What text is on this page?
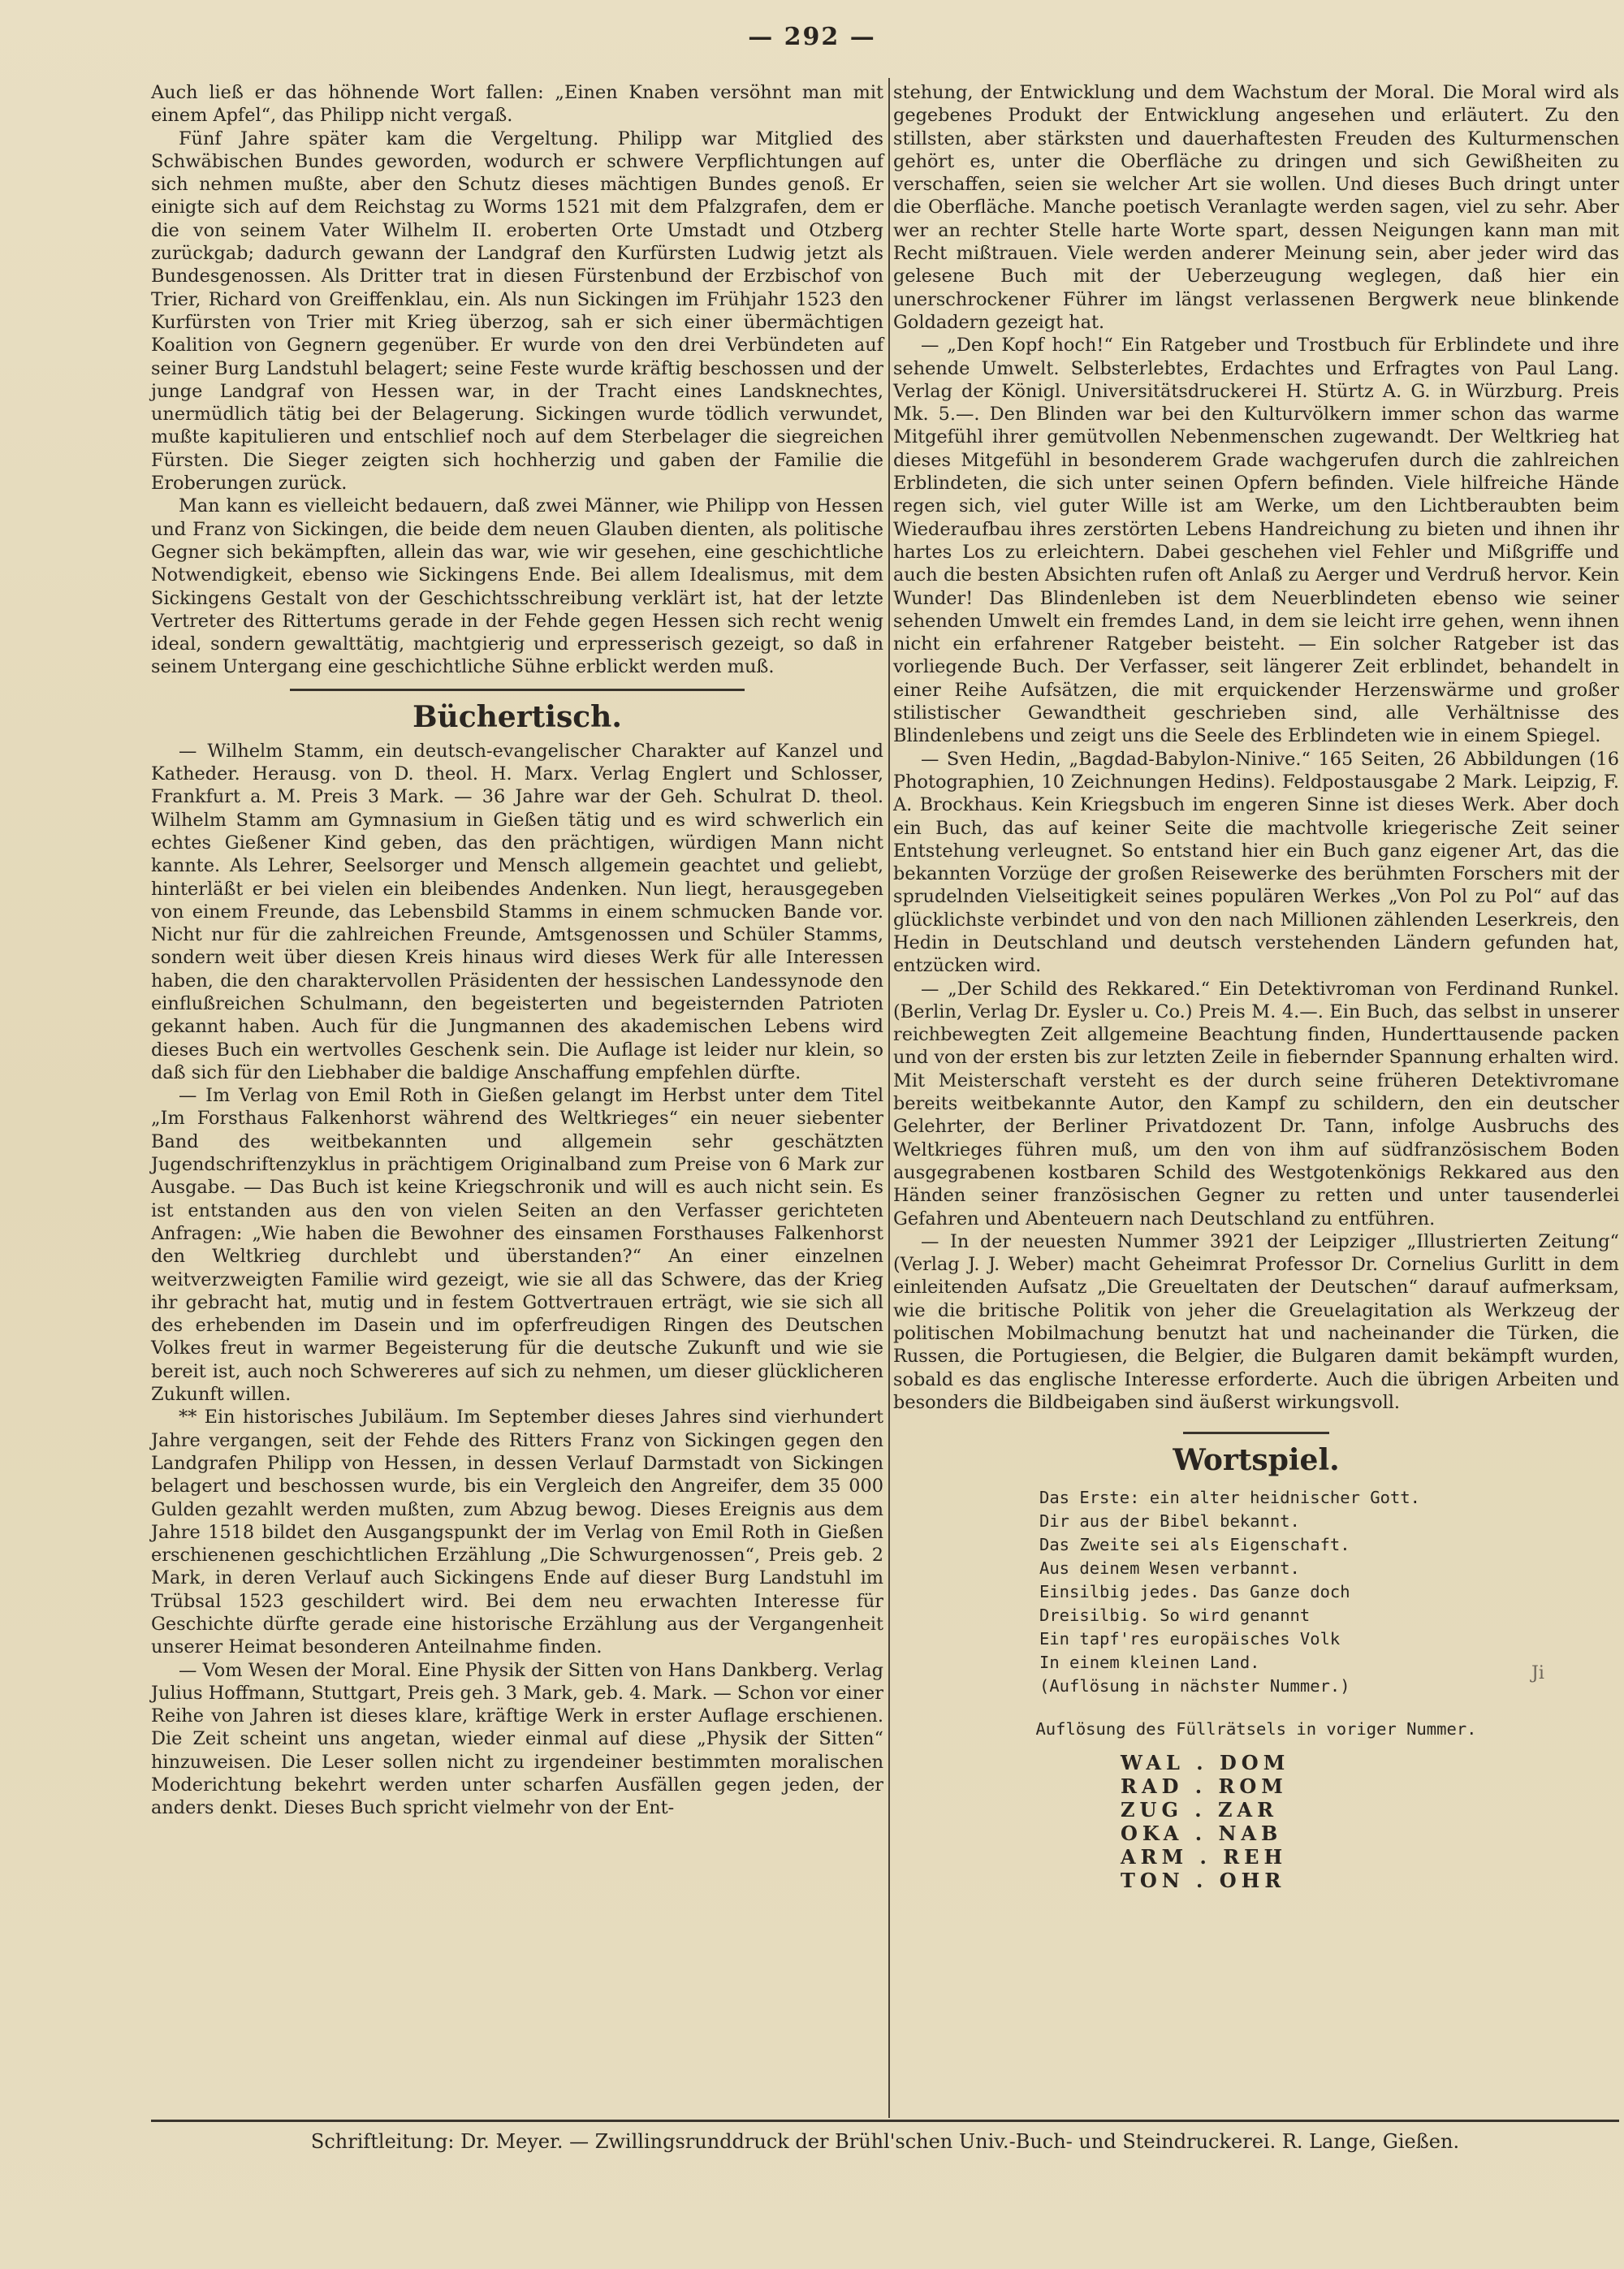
— 292 —

Auch ließ er das höhnende Wort fallen: „Einen Knaben versöhnt man mit einem Apfel“, das Philipp nicht vergaß.

Fünf Jahre später kam die Vergeltung. Philipp war Mitglied des Schwäbischen Bundes geworden, wodurch er schwere Verpflichtungen auf sich nehmen mußte, aber den Schutz dieses mächtigen Bundes genoß. Er einigte sich auf dem Reichstag zu Worms 1521 mit dem Pfalzgrafen, dem er die von seinem Vater Wilhelm II. eroberten Orte Umstadt und Otzberg zurückgab; dadurch gewann der Landgraf den Kurfürsten Ludwig jetzt als Bundesgenossen. Als Dritter trat in diesen Fürstenbund der Erzbischof von Trier, Richard von Greiffenklau, ein. Als nun Sickingen im Frühjahr 1523 den Kurfürsten von Trier mit Krieg überzog, sah er sich einer übermächtigen Koalition von Gegnern gegenüber. Er wurde von den drei Verbündeten auf seiner Burg Landstuhl belagert; seine Feste wurde kräftig beschossen und der junge Landgraf von Hessen war, in der Tracht eines Landsknechtes, unermüdlich tätig bei der Belagerung. Sickingen wurde tödlich verwundet, mußte kapitulieren und entschlief noch auf dem Sterbelager die siegreichen Fürsten. Die Sieger zeigten sich hochherzig und gaben der Familie die Eroberungen zurück.

Man kann es vielleicht bedauern, daß zwei Männer, wie Philipp von Hessen und Franz von Sickingen, die beide dem neuen Glauben dienten, als politische Gegner sich bekämpften, allein das war, wie wir gesehen, eine geschichtliche Notwendigkeit, ebenso wie Sickingens Ende. Bei allem Idealismus, mit dem Sickingens Gestalt von der Geschichtsschreibung verklärt ist, hat der letzte Vertreter des Rittertums gerade in der Fehde gegen Hessen sich recht wenig ideal, sondern gewalttätig, machtgierig und erpresserisch gezeigt, so daß in seinem Untergang eine geschichtliche Sühne erblickt werden muß.

Büchertisch.

— Wilhelm Stamm, ein deutsch-evangelischer Charakter auf Kanzel und Katheder. Herausg. von D. theol. H. Marx. Verlag Englert und Schlosser, Frankfurt a. M. Preis 3 Mark. — 36 Jahre war der Geh. Schulrat D. theol. Wilhelm Stamm am Gymnasium in Gießen tätig und es wird schwerlich ein echtes Gießener Kind geben, das den prächtigen, würdigen Mann nicht kannte. Als Lehrer, Seelsorger und Mensch allgemein geachtet und geliebt, hinterläßt er bei vielen ein bleibendes Andenken. Nun liegt, herausgegeben von einem Freunde, das Lebensbild Stamms in einem schmucken Bande vor. Nicht nur für die zahlreichen Freunde, Amtsgenossen und Schüler Stamms, sondern weit über diesen Kreis hinaus wird dieses Werk für alle Interessen haben, die den charaktervollen Präsidenten der hessischen Landessynode den einflußreichen Schulmann, den begeisterten und begeisternden Patrioten gekannt haben. Auch für die Jungmannen des akademischen Lebens wird dieses Buch ein wertvolles Geschenk sein. Die Auflage ist leider nur klein, so daß sich für den Liebhaber die baldige Anschaffung empfehlen dürfte.

— Im Verlag von Emil Roth in Gießen gelangt im Herbst unter dem Titel „Im Forsthaus Falkenhorst während des Weltkrieges“ ein neuer siebenter Band des weitbekannten und allgemein sehr geschätzten Jugendschriftenzyklus in prächtigem Originalband zum Preise von 6 Mark zur Ausgabe. — Das Buch ist keine Kriegschronik und will es auch nicht sein. Es ist entstanden aus den von vielen Seiten an den Verfasser gerichteten Anfragen: „Wie haben die Bewohner des einsamen Forsthauses Falkenhorst den Weltkrieg durchlebt und überstanden?“ An einer einzelnen weitverzweigten Familie wird gezeigt, wie sie all das Schwere, das der Krieg ihr gebracht hat, mutig und in festem Gottvertrauen erträgt, wie sie sich all des erhebenden im Dasein und im opferfreudigen Ringen des Deutschen Volkes freut in warmer Begeisterung für die deutsche Zukunft und wie sie bereit ist, auch noch Schwereres auf sich zu nehmen, um dieser glücklicheren Zukunft willen.

** Ein historisches Jubiläum. Im September dieses Jahres sind vierhundert Jahre vergangen, seit der Fehde des Ritters Franz von Sickingen gegen den Landgrafen Philipp von Hessen, in dessen Verlauf Darmstadt von Sickingen belagert und beschossen wurde, bis ein Vergleich den Angreifer, dem 35 000 Gulden gezahlt werden mußten, zum Abzug bewog. Dieses Ereignis aus dem Jahre 1518 bildet den Ausgangspunkt der im Verlag von Emil Roth in Gießen erschienenen geschichtlichen Erzählung „Die Schwurgenossen“, Preis geb. 2 Mark, in deren Verlauf auch Sickingens Ende auf dieser Burg Landstuhl im Trübsal 1523 geschildert wird. Bei dem neu erwachten Interesse für Geschichte dürfte gerade eine historische Erzählung aus der Vergangenheit unserer Heimat besonderen Anteilnahme finden.

— Vom Wesen der Moral. Eine Physik der Sitten von Hans Dankberg. Verlag Julius Hoffmann, Stuttgart, Preis geh. 3 Mark, geb. 4. Mark. — Schon vor einer Reihe von Jahren ist dieses klare, kräftige Werk in erster Auflage erschienen. Die Zeit scheint uns angetan, wieder einmal auf diese „Physik der Sitten“ hinzuweisen. Die Leser sollen nicht zu irgendeiner bestimmten moralischen Moderichtung bekehrt werden unter scharfen Ausfällen gegen jeden, der anders denkt. Dieses Buch spricht vielmehr von der Ent-

stehung, der Entwicklung und dem Wachstum der Moral. Die Moral wird als gegebenes Produkt der Entwicklung angesehen und erläutert. Zu den stillsten, aber stärksten und dauerhaftesten Freuden des Kulturmenschen gehört es, unter die Oberfläche zu dringen und sich Gewißheiten zu verschaffen, seien sie welcher Art sie wollen. Und dieses Buch dringt unter die Oberfläche. Manche poetisch Veranlagte werden sagen, viel zu sehr. Aber wer an rechter Stelle harte Worte spart, dessen Neigungen kann man mit Recht mißtrauen. Viele werden anderer Meinung sein, aber jeder wird das gelesene Buch mit der Ueberzeugung weglegen, daß hier ein unerschrockener Führer im längst verlassenen Bergwerk neue blinkende Goldadern gezeigt hat.

— „Den Kopf hoch!“ Ein Ratgeber und Trostbuch für Erblindete und ihre sehende Umwelt. Selbsterlebtes, Erdachtes und Erfragtes von Paul Lang. Verlag der Königl. Universitätsdruckerei H. Stürtz A. G. in Würzburg. Preis Mk. 5.—. Den Blinden war bei den Kulturvölkern immer schon das warme Mitgefühl ihrer gemütvollen Nebenmenschen zugewandt. Der Weltkrieg hat dieses Mitgefühl in besonderem Grade wachgerufen durch die zahlreichen Erblindeten, die sich unter seinen Opfern befinden. Viele hilfreiche Hände regen sich, viel guter Wille ist am Werke, um den Lichtberaubten beim Wiederaufbau ihres zerstörten Lebens Handreichung zu bieten und ihnen ihr hartes Los zu erleichtern. Dabei geschehen viel Fehler und Mißgriffe und auch die besten Absichten rufen oft Anlaß zu Aerger und Verdruß hervor. Kein Wunder! Das Blindenleben ist dem Neuerblindeten ebenso wie seiner sehenden Umwelt ein fremdes Land, in dem sie leicht irre gehen, wenn ihnen nicht ein erfahrener Ratgeber beisteht. — Ein solcher Ratgeber ist das vorliegende Buch. Der Verfasser, seit längerer Zeit erblindet, behandelt in einer Reihe Aufsätzen, die mit erquickender Herzenswärme und großer stilistischer Gewandtheit geschrieben sind, alle Verhältnisse des Blindenlebens und zeigt uns die Seele des Erblindeten wie in einem Spiegel.

— Sven Hedin, „Bagdad-Babylon-Ninive.“ 165 Seiten, 26 Abbildungen (16 Photographien, 10 Zeichnungen Hedins). Feldpostausgabe 2 Mark. Leipzig, F. A. Brockhaus. Kein Kriegsbuch im engeren Sinne ist dieses Werk. Aber doch ein Buch, das auf keiner Seite die machtvolle kriegerische Zeit seiner Entstehung verleugnet. So entstand hier ein Buch ganz eigener Art, das die bekannten Vorzüge der großen Reisewerke des berühmten Forschers mit der sprudelnden Vielseitigkeit seines populären Werkes „Von Pol zu Pol“ auf das glücklichste verbindet und von den nach Millionen zählenden Leserkreis, den Hedin in Deutschland und deutsch verstehenden Ländern gefunden hat, entzücken wird.

— „Der Schild des Rekkared.“ Ein Detektivroman von Ferdinand Runkel. (Berlin, Verlag Dr. Eysler u. Co.) Preis M. 4.—. Ein Buch, das selbst in unserer reichbewegten Zeit allgemeine Beachtung finden, Hunderttausende packen und von der ersten bis zur letzten Zeile in fiebernder Spannung erhalten wird. Mit Meisterschaft versteht es der durch seine früheren Detektivromane bereits weitbekannte Autor, den Kampf zu schildern, den ein deutscher Gelehrter, der Berliner Privatdozent Dr. Tann, infolge Ausbruchs des Weltkrieges führen muß, um den von ihm auf südfranzösischem Boden ausgegrabenen kostbaren Schild des Westgotenkönigs Rekkared aus den Händen seiner französischen Gegner zu retten und unter tausenderlei Gefahren und Abenteuern nach Deutschland zu entführen.

— In der neuesten Nummer 3921 der Leipziger „Illustrierten Zeitung“ (Verlag J. J. Weber) macht Geheimrat Professor Dr. Cornelius Gurlitt in dem einleitenden Aufsatz „Die Greueltaten der Deutschen“ darauf aufmerksam, wie die britische Politik von jeher die Greuelagitation als Werkzeug der politischen Mobilmachung benutzt hat und nacheinander die Türken, die Russen, die Portugiesen, die Belgier, die Bulgaren damit bekämpft wurden, sobald es das englische Interesse erforderte. Auch die übrigen Arbeiten und besonders die Bildbeigaben sind äußerst wirkungsvoll.

Wortspiel.
Das Erste: ein alter heidnischer Gott.
Dir aus der Bibel bekannt.
Das Zweite sei als Eigenschaft.
Aus deinem Wesen verbannt.
Einsilbig jedes. Das Ganze doch
Dreisilbig. So wird genannt
Ein tapf'res europäisches Volk
In einem kleinen Land.
(Auflösung in nächster Nummer.)
Auflösung des Füllrätsels in voriger Nummer.
WAL . DOM
RAD . ROM
ZUG . ZAR
OKA . NAB
ARM . REH
TON . OHR
Ji
Schriftleitung: Dr. Meyer. — Zwillingsrunddruck der Brühl'schen Univ.-Buch- und Steindruckerei. R. Lange, Gießen.
